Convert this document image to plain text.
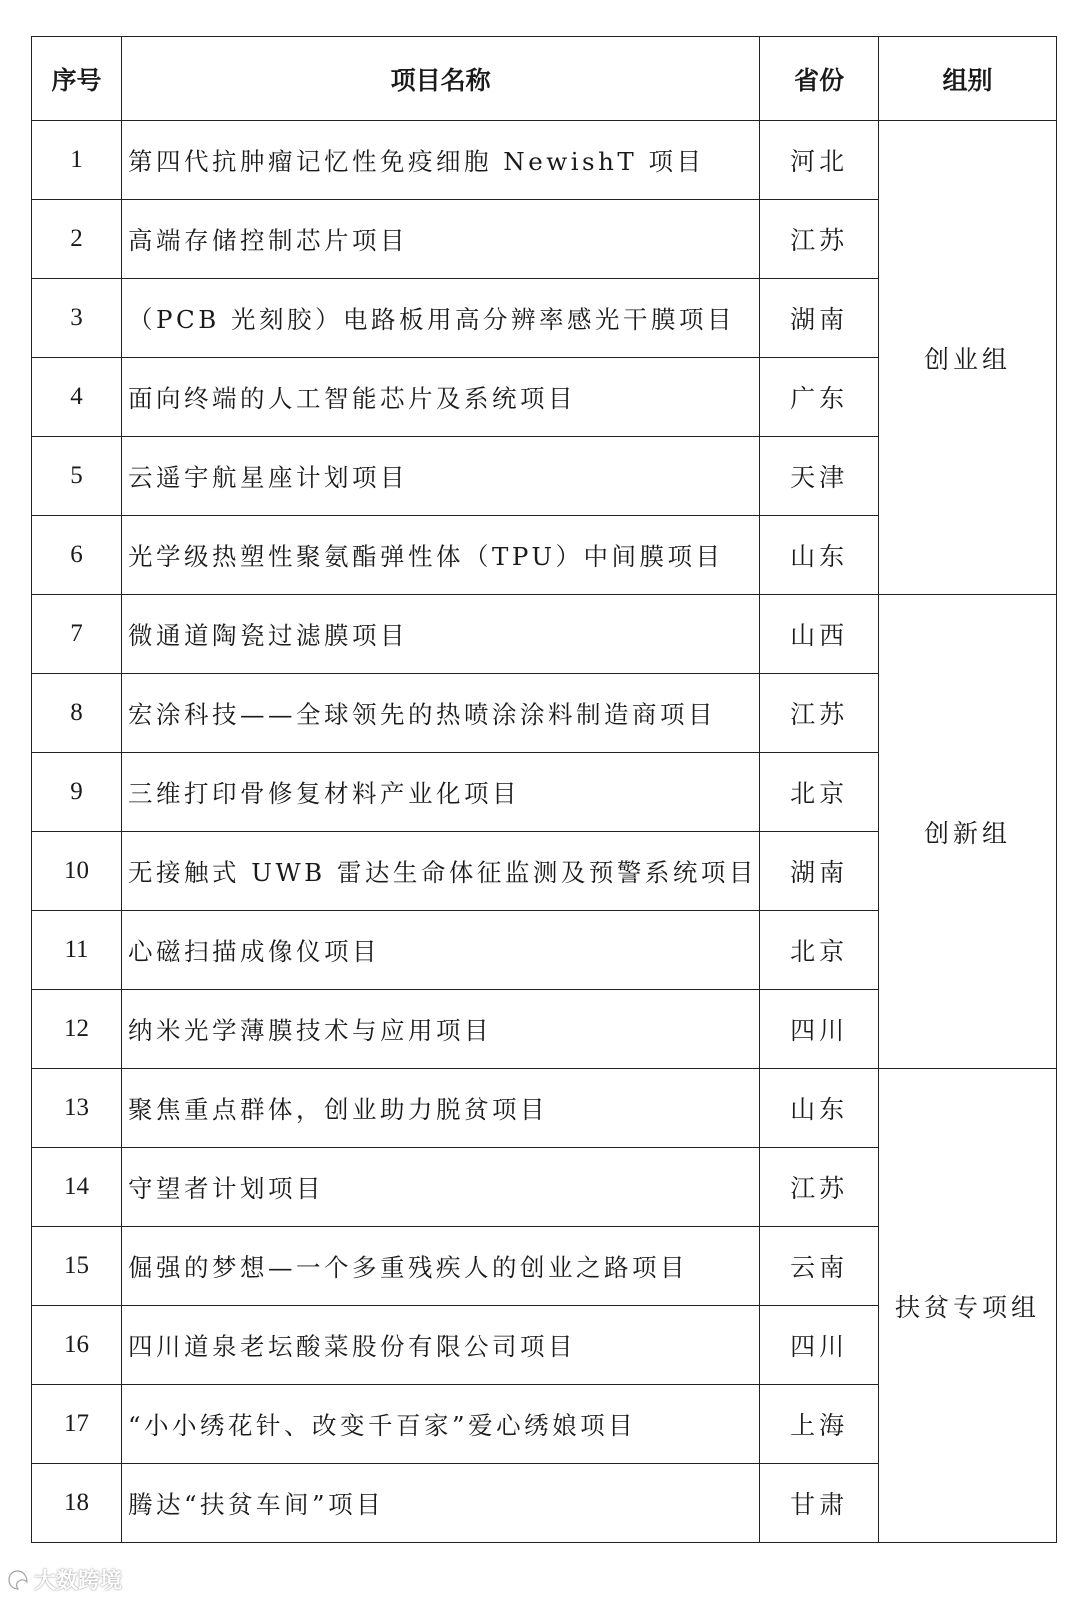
序号	项目名称	省份	组别
1	第四代抗肿瘤记忆性免疫细胞 NewishT 项目	河北	创业组
2	高端存储控制芯片项目	江苏	
3	（PCB 光刻胶）电路板用高分辨率感光干膜项目	湖南	
4	面向终端的人工智能芯片及系统项目	广东	
5	云遥宇航星座计划项目	天津	
6	光学级热塑性聚氨酯弹性体（TPU）中间膜项目	山东	
7	微通道陶瓷过滤膜项目	山西	创新组
8	宏涂科技——全球领先的热喷涂涂料制造商项目	江苏	
9	三维打印骨修复材料产业化项目	北京	
10	无接触式 UWB 雷达生命体征监测及预警系统项目	湖南	
11	心磁扫描成像仪项目	北京	
12	纳米光学薄膜技术与应用项目	四川	
13	聚焦重点群体，创业助力脱贫项目	山东	扶贫专项组
14	守望者计划项目	江苏	
15	倔强的梦想—一个多重残疾人的创业之路项目	云南	
16	四川道泉老坛酸菜股份有限公司项目	四川	
17	“小小绣花针、改变千百家”爱心绣娘项目	上海	
18	腾达“扶贫车间”项目	甘肃	
大数跨境
